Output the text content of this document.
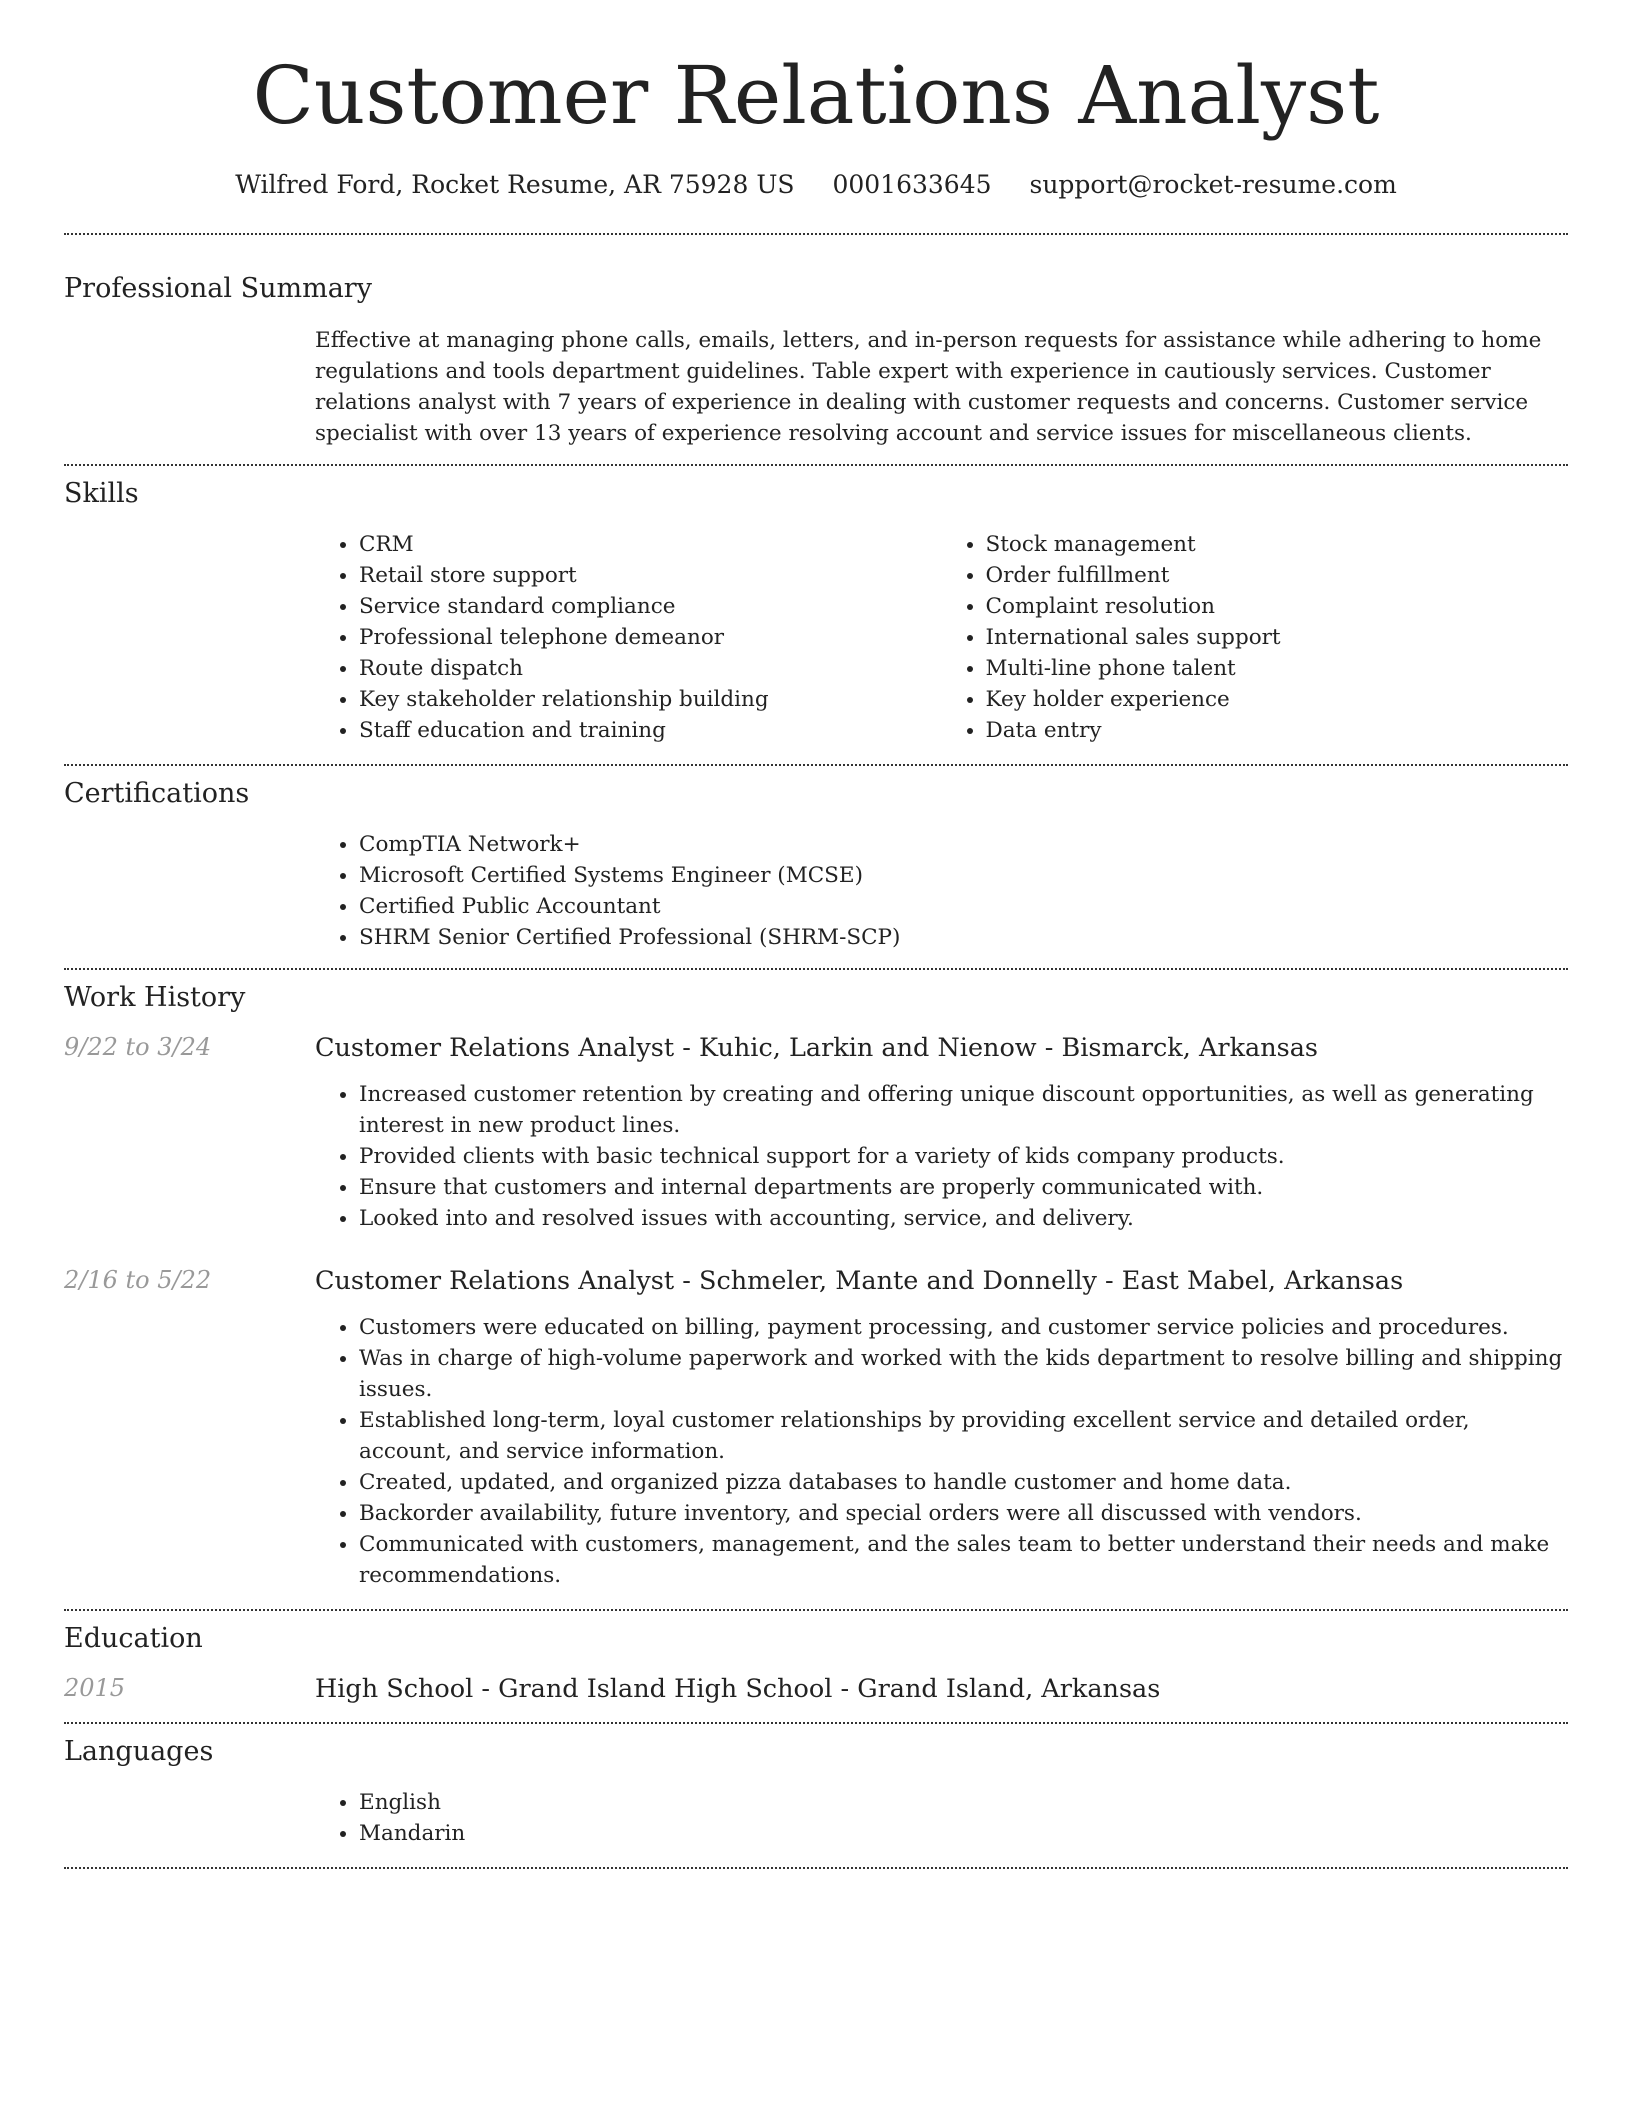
Customer Relations Analyst
Wilfred Ford, Rocket Resume, AR 75928 US 0001633645 support@rocket-resume.com
Professional Summary

Effective at managing phone calls, emails, letters, and in-person requests for assistance while adhering to home regulations and tools department guidelines. Table expert with experience in cautiously services. Customer relations analyst with 7 years of experience in dealing with customer requests and concerns. Customer service specialist with over 13 years of experience resolving account and service issues for miscellaneous clients.

Skills
• CRM
• Retail store support
• Service standard compliance
• Professional telephone demeanor
• Route dispatch
• Key stakeholder relationship building
• Staff education and training
• Stock management
• Order fulfillment
• Complaint resolution
• International sales support
• Multi-line phone talent
• Key holder experience
• Data entry
Certifications
• CompTIA Network+
• Microsoft Certified Systems Engineer (MCSE)
• Certified Public Accountant
• SHRM Senior Certified Professional (SHRM-SCP)
Work History
9/22 to 3/24	Customer Relations Analyst - Kuhic, Larkin and Nienow - Bismarck, Arkansas
• Increased customer retention by creating and offering unique discount opportunities, as well as generating interest in new product lines.
• Provided clients with basic technical support for a variety of kids company products.
• Ensure that customers and internal departments are properly communicated with.
• Looked into and resolved issues with accounting, service, and delivery.
2/16 to 5/22	Customer Relations Analyst - Schmeler, Mante and Donnelly - East Mabel, Arkansas
• Customers were educated on billing, payment processing, and customer service policies and procedures.
• Was in charge of high-volume paperwork and worked with the kids department to resolve billing and shipping issues.
• Established long-term, loyal customer relationships by providing excellent service and detailed order, account, and service information.
• Created, updated, and organized pizza databases to handle customer and home data.
• Backorder availability, future inventory, and special orders were all discussed with vendors.
• Communicated with customers, management, and the sales team to better understand their needs and make recommendations.
Education
2015	High School - Grand Island High School - Grand Island, Arkansas
Languages
• English
• Mandarin
